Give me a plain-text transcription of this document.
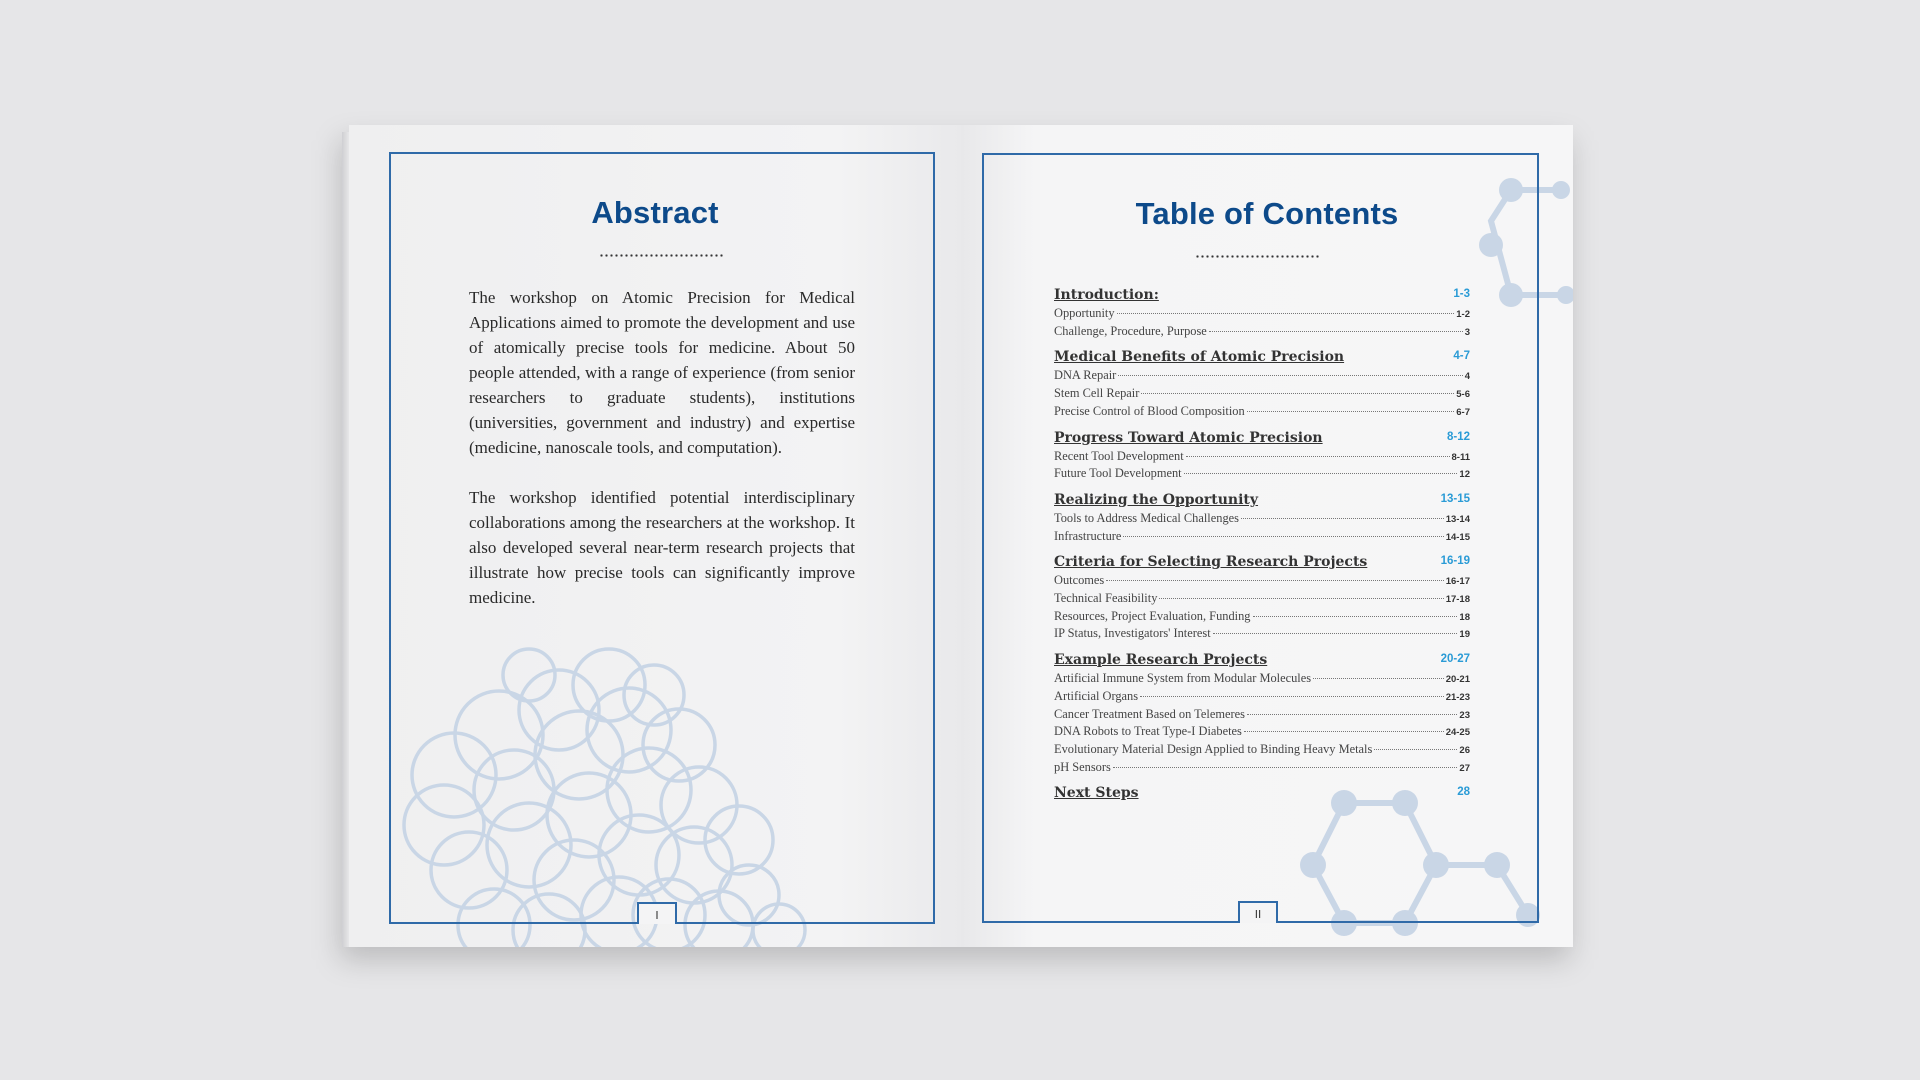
I
Abstract

The workshop on Atomic Precision for Medical Applications aimed to promote the development and use of atomically precise tools for medicine. About 50 people attended, with a range of experience (from senior researchers to graduate students), institutions (universities, government and industry) and expertise (medicine, nanoscale tools, and computation).

The workshop identified potential interdisciplinary collaborations among the researchers at the workshop. It also developed several near-term research projects that illustrate how precise tools can significantly improve medicine.

II
Table of Contents
Introduction:	1-3
Opportunity	1-2
Challenge, Procedure, Purpose	3
Medical Benefits of Atomic Precision	4-7
DNA Repair	4
Stem Cell Repair	5-6
Precise Control of Blood Composition	6-7
Progress Toward Atomic Precision	8-12
Recent Tool Development	8-11
Future Tool Development	12
Realizing the Opportunity	13-15
Tools to Address Medical Challenges	13-14
Infrastructure	14-15
Criteria for Selecting Research Projects	16-19
Outcomes	16-17
Technical Feasibility	17-18
Resources, Project Evaluation, Funding	18
IP Status, Investigators' Interest	19
Example Research Projects	20-27
Artificial Immune System from Modular Molecules	20-21
Artificial Organs	21-23
Cancer Treatment Based on Telemeres	23
DNA Robots to Treat Type-I Diabetes	24-25
Evolutionary Material Design Applied to Binding Heavy Metals	26
pH Sensors	27
Next Steps	28
